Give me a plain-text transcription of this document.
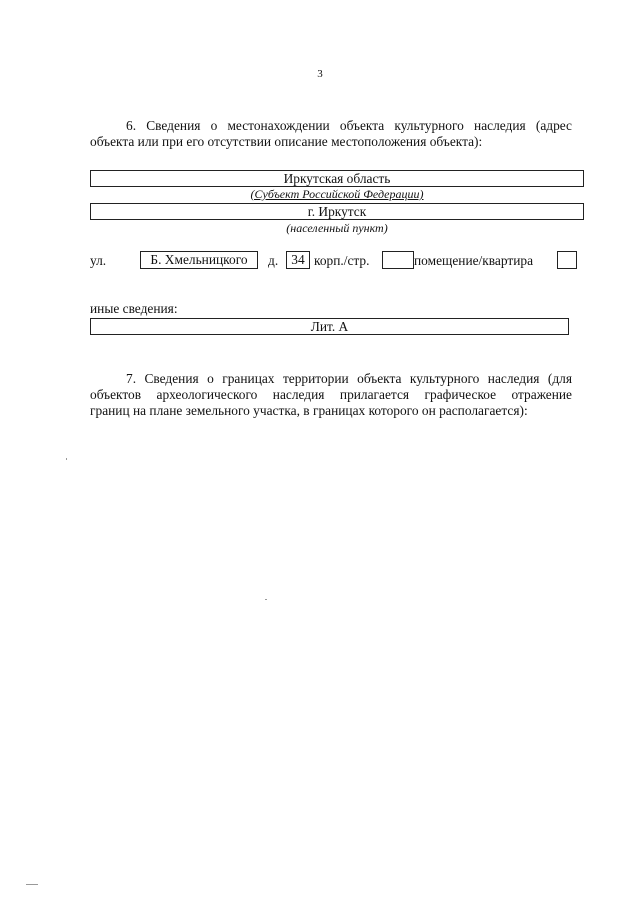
3
6. Сведения о местонахождении объекта культурного наследия (адрес
объекта или при его отсутствии описание местоположения объекта):
Иркутская область
(Субъект Российской Федерации)
г. Иркутск
(населенный пункт)
ул.	Б. Хмельницкого	д. 34 корп./стр.	помещение/квартира
иные сведения:
Лит. А
7. Сведения о границах территории объекта культурного наследия (для
объектов археологического наследия прилагается графическое отражение
границ на плане земельного участка, в границах которого он располагается):
